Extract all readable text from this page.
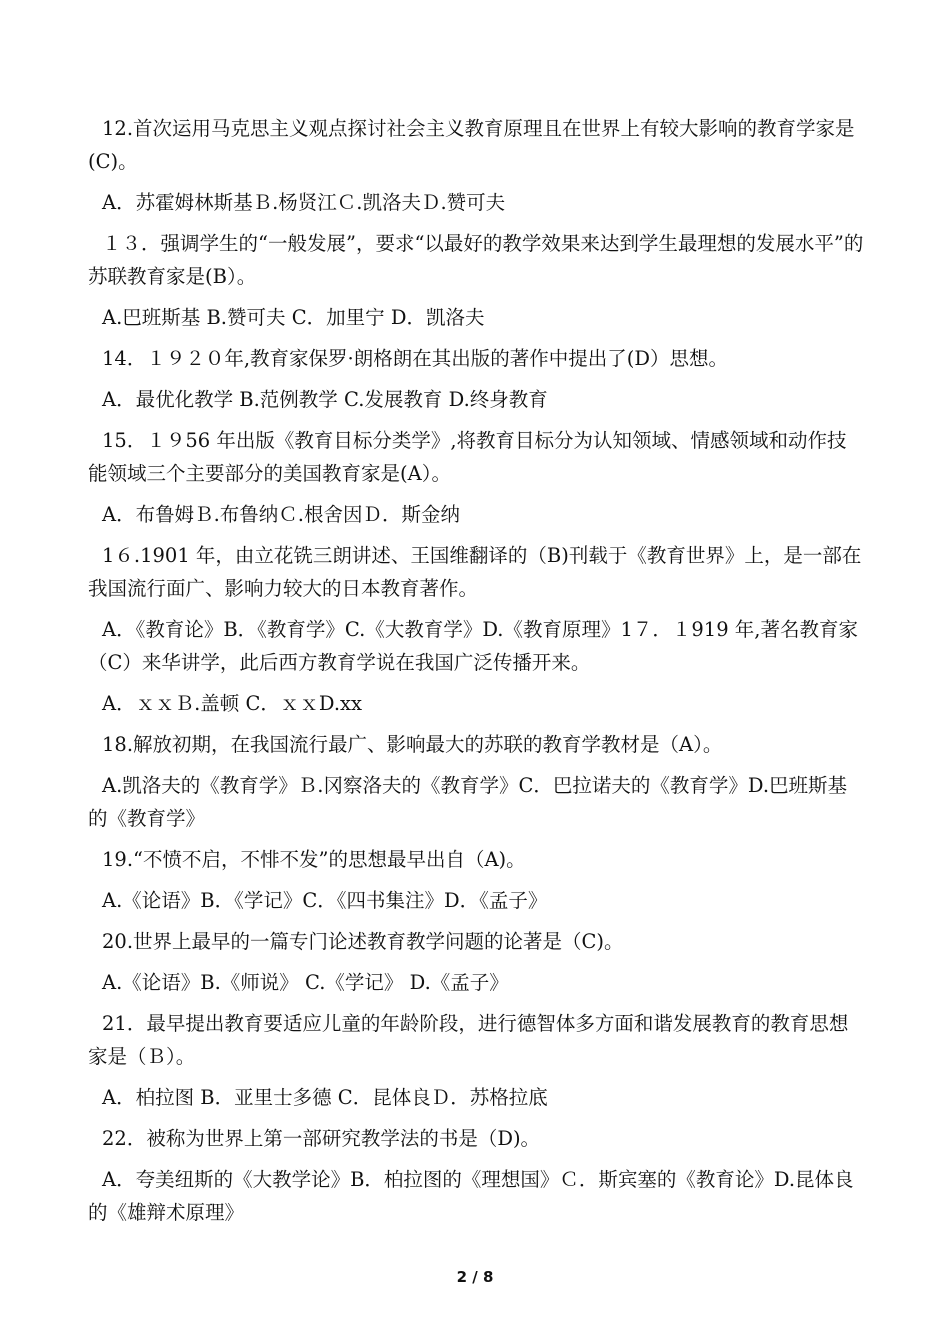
12.首次运用马克思主义观点探讨社会主义教育原理且在世界上有较大影响的教育学家是(C)。

A．苏霍姆林斯基Ｂ.杨贤江Ｃ.凯洛夫Ｄ.赞可夫

１３．强调学生的“一般发展”，要求“以最好的教学效果来达到学生最理想的发展水平”的苏联教育家是(B）。

A.巴班斯基 B.赞可夫 C．加里宁 D．凯洛夫

14．１９２０年,教育家保罗·朗格朗在其出版的著作中提出了(D）思想。

A．最优化教学 B.范例教学 C.发展教育 D.终身教育

15．１９56 年出版《教育目标分类学》,将教育目标分为认知领域、情感领域和动作技能领域三个主要部分的美国教育家是(A）。

A．布鲁姆Ｂ.布鲁纳Ｃ.根舍因Ｄ．斯金纳

1６.1901 年，由立花铣三朗讲述、王国维翻译的（B)刊载于《教育世界》上，是一部在我国流行面广、影响力较大的日本教育著作。

A．《教育论》B．《教育学》C.《大教育学》D.《教育原理》1７．１919 年,著名教育家（C）来华讲学，此后西方教育学说在我国广泛传播开来。

A．ｘｘＢ.盖顿 C．ｘｘD.xx

18.解放初期，在我国流行最广、影响最大的苏联的教育学教材是（A）。

A.凯洛夫的《教育学》Ｂ.冈察洛夫的《教育学》C．巴拉诺夫的《教育学》D.巴班斯基的《教育学》

19.“不愤不启，不悱不发”的思想最早出自（A)。

A.《论语》B．《学记》C．《四书集注》D．《孟子》

20.世界上最早的一篇专门论述教育教学问题的论著是（C)。

A.《论语》B.《师说》 C.《学记》 D.《孟子》

21．最早提出教育要适应儿童的年龄阶段，进行德智体多方面和谐发展教育的教育思想家是（Ｂ）。

A．柏拉图 B．亚里士多德 C．昆体良Ｄ．苏格拉底

22．被称为世界上第一部研究教学法的书是（D)。

A．夸美纽斯的《大教学论》B．柏拉图的《理想国》Ｃ．斯宾塞的《教育论》D.昆体良的《雄辩术原理》

2 / 8
